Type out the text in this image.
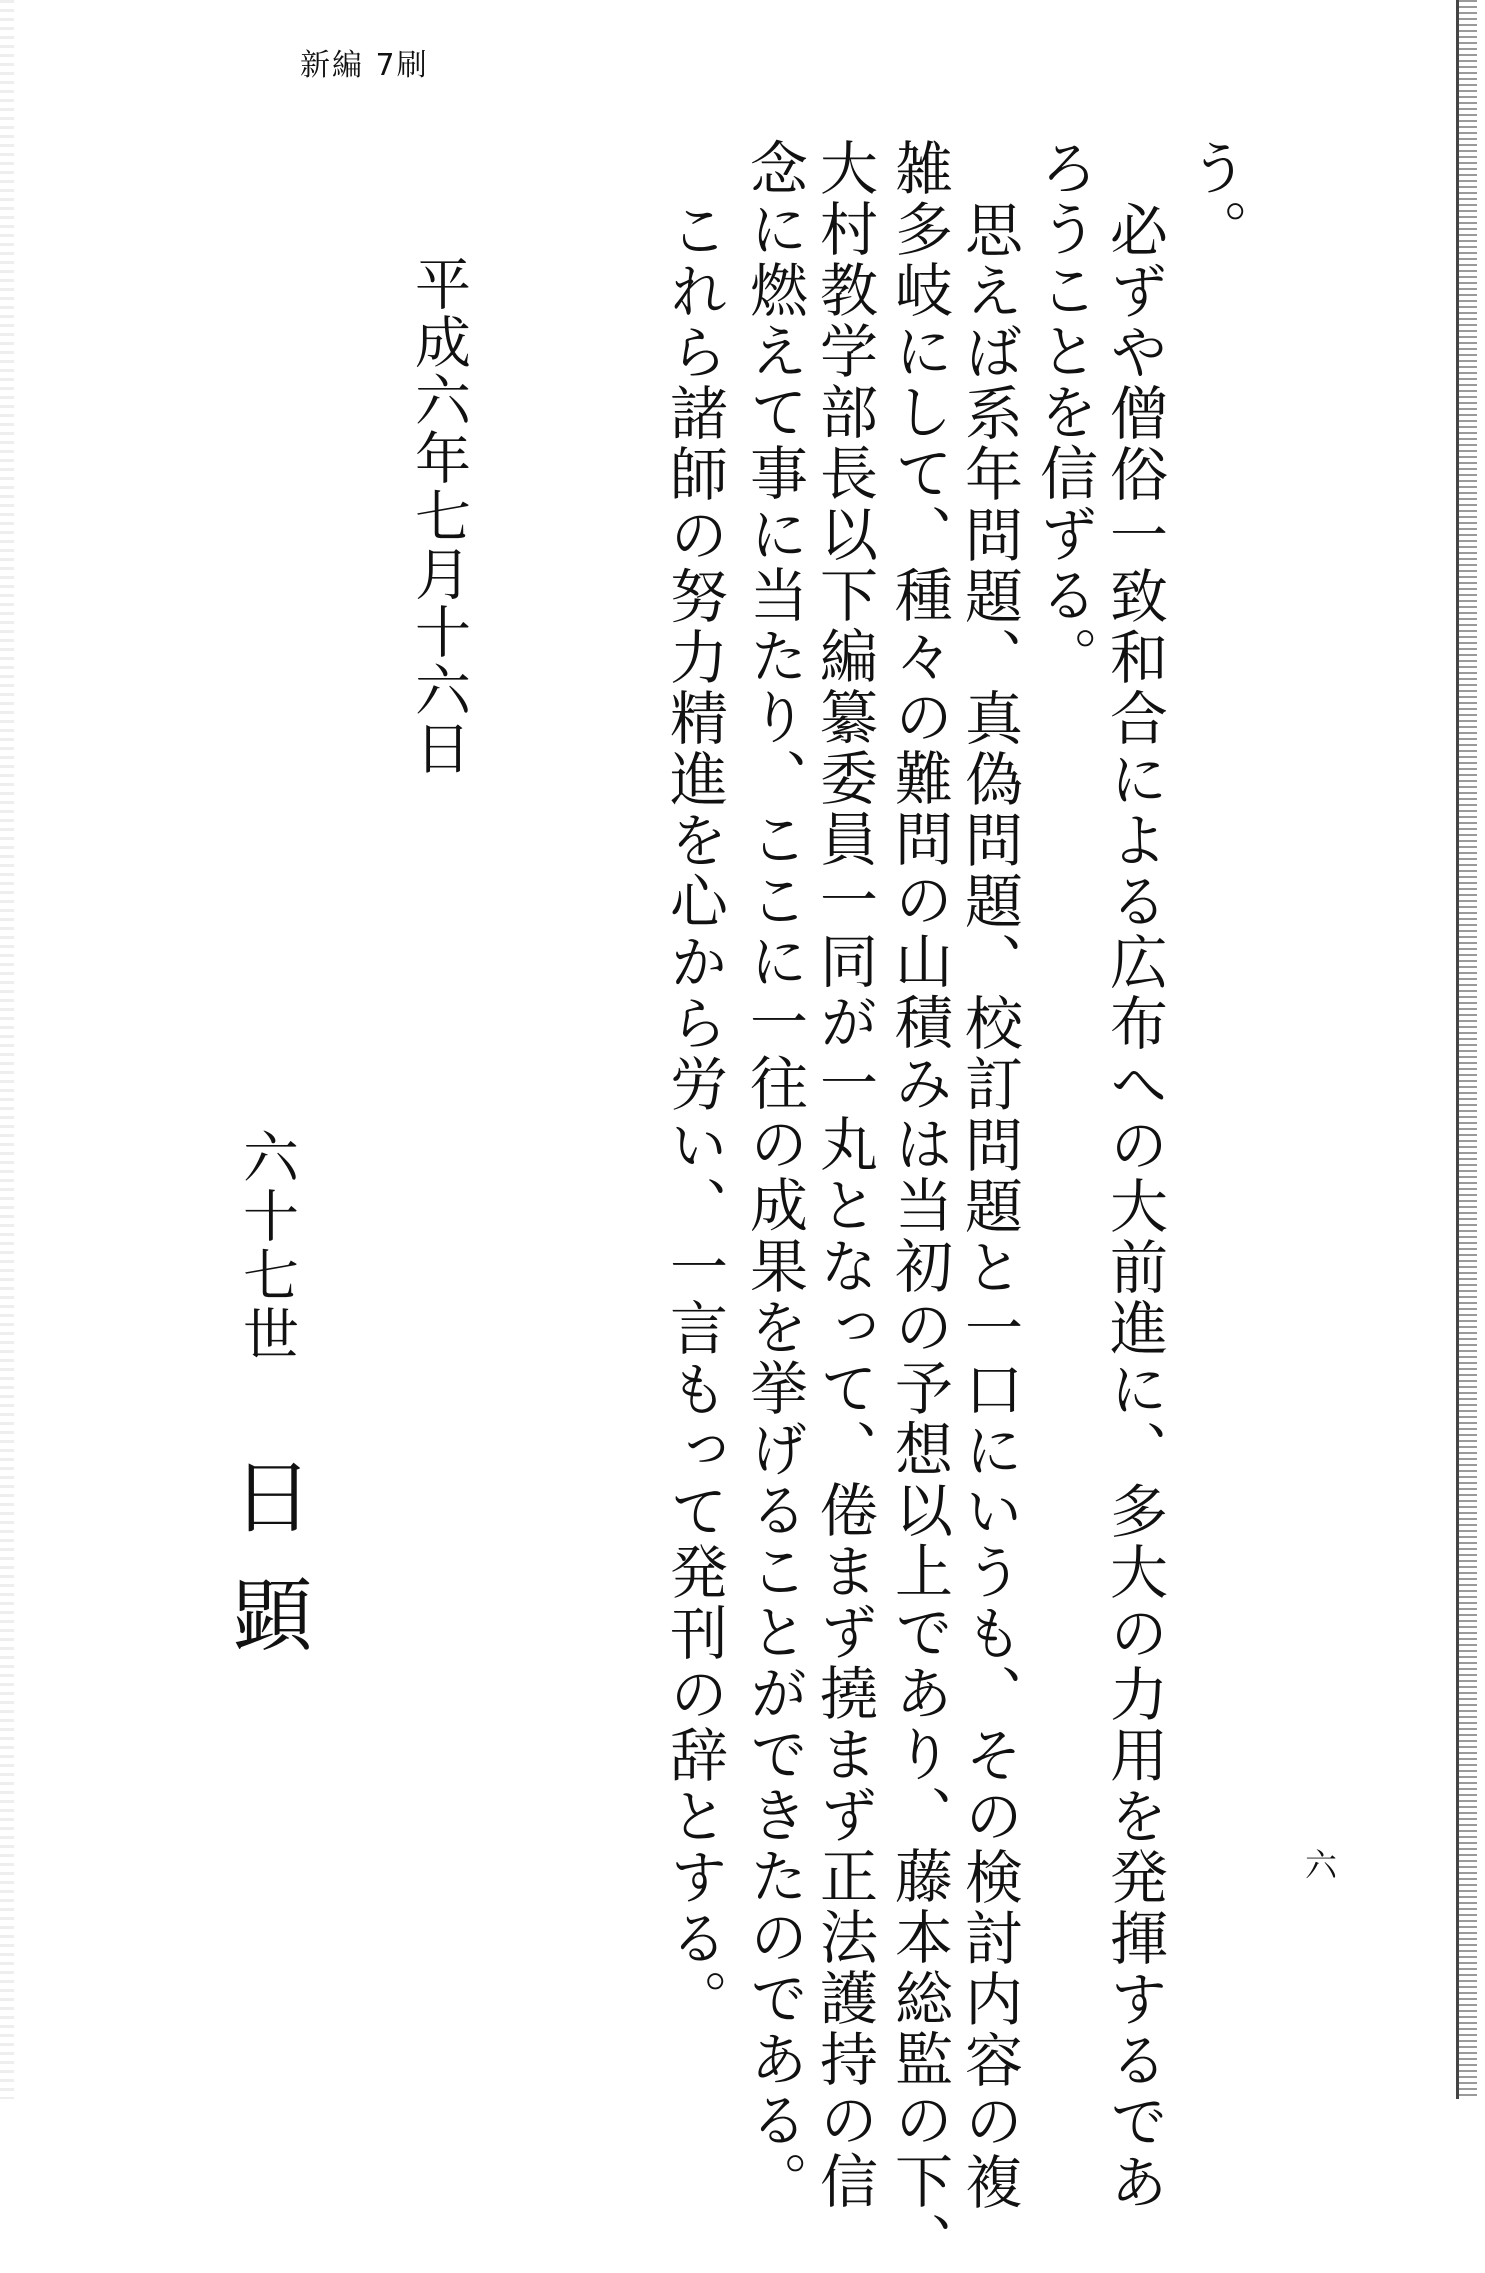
新編 7刷
う。
必ずや僧俗一致和合による広布への大前進に、多大の力用を発揮するであ
ろうことを信ずる。
思えば系年問題、真偽問題、校訂問題と一口にいうも、その検討内容の複
雑多岐にして、種々の難問の山積みは当初の予想以上であり、藤本総監の下、
大村教学部長以下編纂委員一同が一丸となって、倦まず撓まず正法護持の信
念に燃えて事に当たり、ここに一往の成果を挙げることができたのである。
これら諸師の努力精進を心から労い、一言もって発刊の辞とする。
平成六年七月十六日
六十七世
日顕
六
